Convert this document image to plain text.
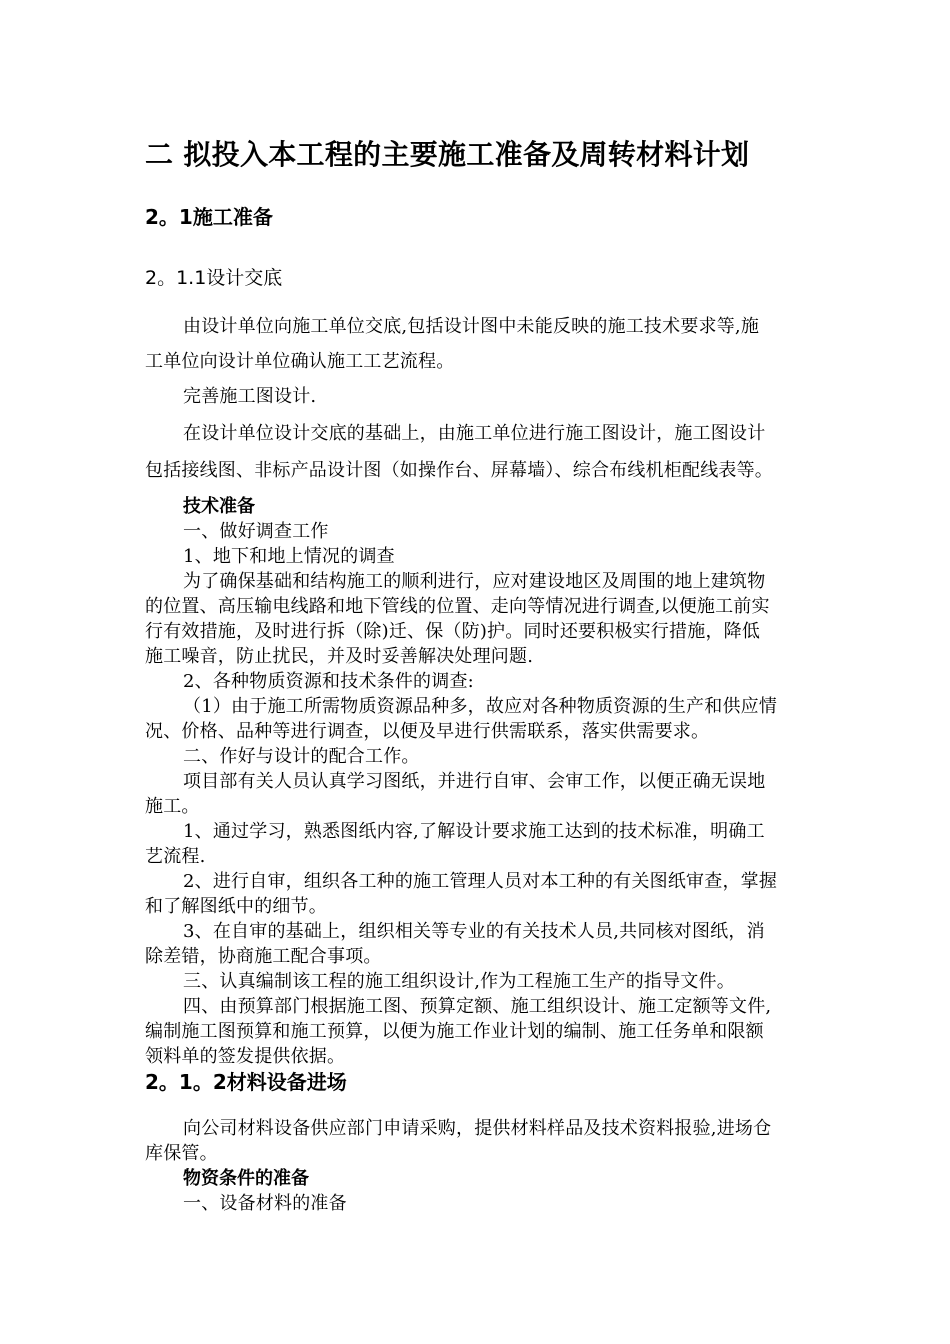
二 拟投入本工程的主要施工准备及周转材料计划
2。1施工准备
2。1.1设计交底
由设计单位向施工单位交底,包括设计图中未能反映的施工技术要求等,施
工单位向设计单位确认施工工艺流程。
完善施工图设计.
在设计单位设计交底的基础上，由施工单位进行施工图设计，施工图设计
包括接线图、非标产品设计图（如操作台、屏幕墙）、综合布线机柜配线表等。
技术准备
一、做好调查工作
1、地下和地上情况的调查
为了确保基础和结构施工的顺利进行，应对建设地区及周围的地上建筑物
的位置、高压输电线路和地下管线的位置、走向等情况进行调查,以便施工前实
行有效措施，及时进行拆（除)迁、保（防)护。同时还要积极实行措施，降低
施工噪音，防止扰民，并及时妥善解决处理问题.
2、各种物质资源和技术条件的调查:
（1）由于施工所需物质资源品种多，故应对各种物质资源的生产和供应情
况、价格、品种等进行调查，以便及早进行供需联系，落实供需要求。
二、作好与设计的配合工作。
项目部有关人员认真学习图纸，并进行自审、会审工作，以便正确无误地
施工。
1、通过学习，熟悉图纸内容,了解设计要求施工达到的技术标准，明确工
艺流程.
2、进行自审，组织各工种的施工管理人员对本工种的有关图纸审查，掌握
和了解图纸中的细节。
3、在自审的基础上，组织相关等专业的有关技术人员,共同核对图纸，消
除差错，协商施工配合事项。
三、认真编制该工程的施工组织设计,作为工程施工生产的指导文件。
四、由预算部门根据施工图、预算定额、施工组织设计、施工定额等文件,
编制施工图预算和施工预算，以便为施工作业计划的编制、施工任务单和限额
领料单的签发提供依据。
2。1。2材料设备进场
向公司材料设备供应部门申请采购，提供材料样品及技术资料报验,进场仓
库保管。
物资条件的准备
一、设备材料的准备
